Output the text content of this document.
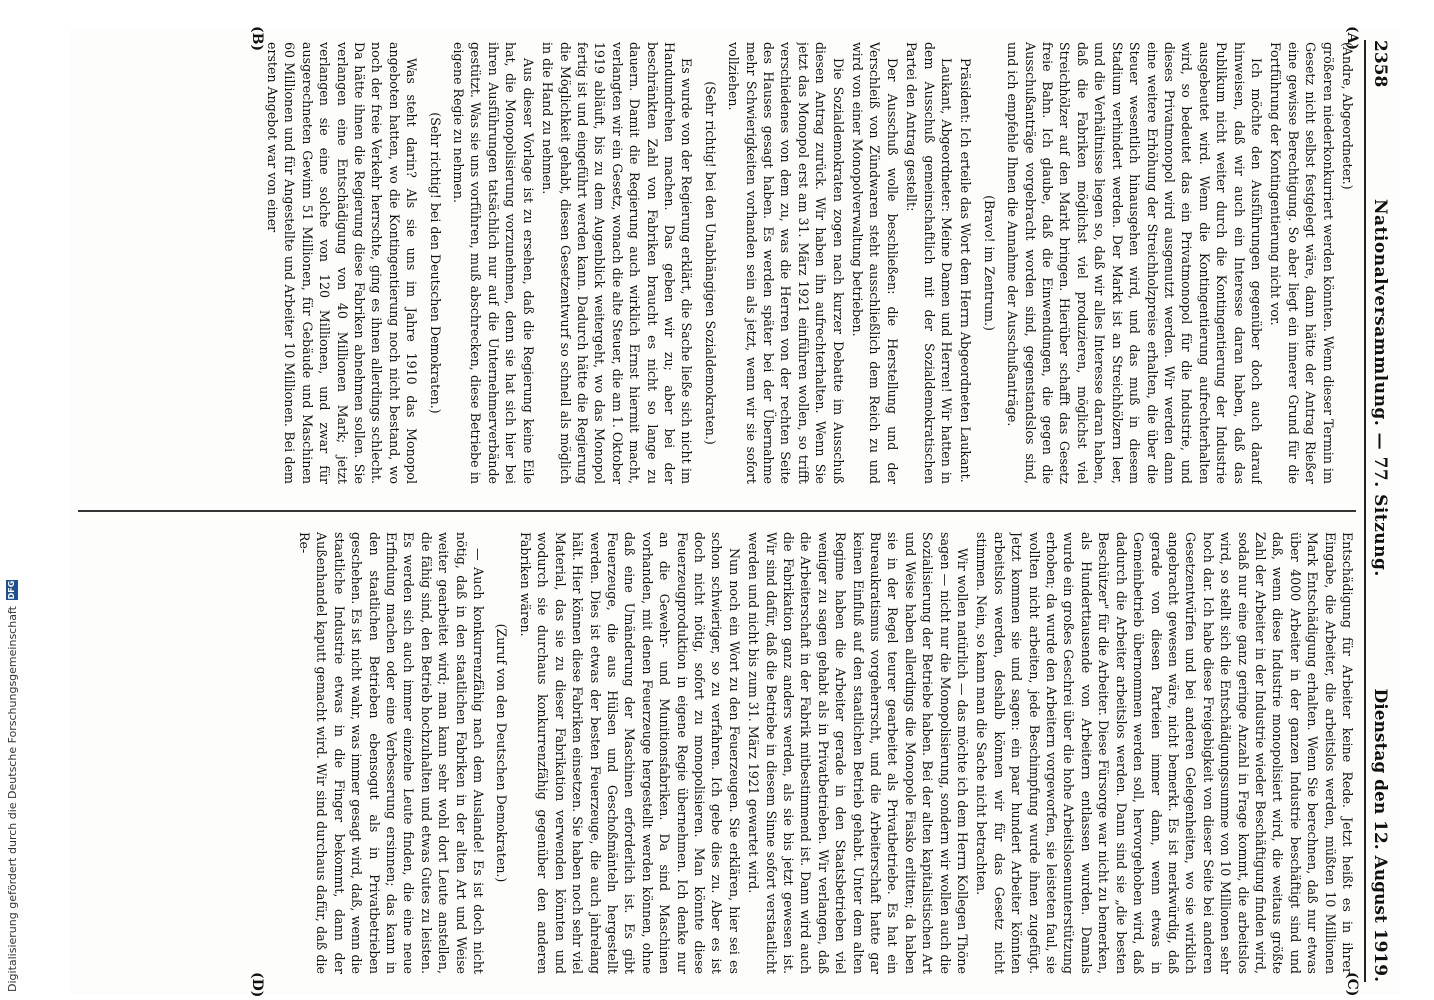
2358
Nationalversammlung. — 77. Sitzung.
Dienstag den 12. August 1919.
(A)
(B)
(C)
(D)

(Andre, Abgeordneter.)

größeren niederkonkurriert werden könnten. Wenn dieser Termin im Gesetz nicht selbst festgelegt wäre, dann hätte der Antrag Rießer eine gewisse Berechtigung. So aber liegt ein innerer Grund für die Fortführung der Kontingentierung nicht vor.

Ich möchte den Ausführungen gegenüber doch auch darauf hinweisen, daß wir auch ein Interesse daran haben, daß das Publikum nicht weiter durch die Kontingentierung der Industrie ausgebeutet wird. Wenn die Kontingentierung aufrechterhalten wird, so bedeutet das ein Privatmonopol für die Industrie, und dieses Privatmonopol wird ausgenutzt werden. Wir werden dann eine weitere Erhöhung der Streichholzpreise erhalten, die über die Steuer wesentlich hinausgehen wird, und das muß in diesem Stadium verhindert werden. Der Markt ist an Streichhölzern leer, und die Verhältnisse liegen so, daß wir alles Interesse daran haben, daß die Fabriken möglichst viel produzieren, möglichst viel Streichhölzer auf den Markt bringen. Hierüber schafft das Gesetz freie Bahn. Ich glaube, daß die Einwendungen, die gegen die Ausschußanträge vorgebracht worden sind, gegenstandslos sind, und ich empfehle Ihnen die Annahme der Ausschußanträge.

(Bravo! im Zentrum.)

Präsident: Ich erteile das Wort dem Herrn Abgeordneten Laukant.

Laukant, Abgeordneter: Meine Damen und Herren! Wir hatten in dem Ausschuß gemeinschaftlich mit der Sozialdemokratischen Partei den Antrag gestellt:

Der Ausschuß wolle beschließen: die Herstellung und der Verschleiß von Zündwaren steht ausschließlich dem Reich zu und wird von einer Monopolverwaltung betrieben.

Die Sozialdemokraten zogen nach kurzer Debatte im Ausschuß diesen Antrag zurück. Wir haben ihn aufrechterhalten. Wenn Sie jetzt das Monopol erst am 31. März 1921 einführen wollen, so trifft verschiedenes von dem zu, was die Herren von der rechten Seite des Hauses gesagt haben. Es werden später bei der Übernahme mehr Schwierigkeiten vorhanden sein als jetzt, wenn wir sie sofort vollziehen.

(Sehr richtig! bei den Unabhängigen Sozialdemokraten.)

Es wurde von der Regierung erklärt, die Sache ließe sich nicht im Handumdrehen machen. Das geben wir zu; aber bei der beschränkten Zahl von Fabriken braucht es nicht so lange zu dauern. Damit die Regierung auch wirklich Ernst hiermit macht, verlangten wir ein Gesetz, wonach die alte Steuer, die am 1. Oktober 1919 abläuft, bis zu dem Augenblick weitergeht, wo das Monopol fertig ist und eingeführt werden kann. Dadurch hätte die Regierung die Möglichkeit gehabt, diesen Gesetzentwurf so schnell als möglich in die Hand zu nehmen.

Aus dieser Vorlage ist zu ersehen, daß die Regierung keine Eile hat, die Monopolisierung vorzunehmen, denn sie hat sich hier bei ihren Ausführungen tatsächlich nur auf die Unternehmerverbände gestützt. Was sie uns vorführen, muß abschrecken, diese Betriebe in eigene Regie zu nehmen.

(Sehr richtig! bei den Deutschen Demokraten.)

Was steht darin? Als sie uns im Jahre 1910 das Monopol angeboten hatten, wo die Kontingentierung noch nicht bestand, wo noch der freie Verkehr herrschte, ging es ihnen allerdings schlecht. Da hätte ihnen die Regierung diese Fabriken abnehmen sollen. Sie verlangen eine Entschädigung von 40 Millionen Mark; jetzt verlangen sie eine solche von 120 Millionen, und zwar für ausgerechneten Gewinn 51 Millionen, für Gebäude und Maschinen 60 Millionen und für Angestellte und Arbeiter 10 Millionen. Bei dem ersten Angebot war von einer

Entschädigung für Arbeiter keine Rede. Jetzt heißt es in ihrer Eingabe, die Arbeiter, die arbeitslos werden, müßten 10 Millionen Mark Entschädigung erhalten. Wenn Sie berechnen, daß nur etwas über 4000 Arbeiter in der ganzen Industrie beschäftigt sind und daß, wenn diese Industrie monopolisiert wird, die weitaus größte Zahl der Arbeiter in der Industrie wieder Beschäftigung finden wird, sodaß nur eine ganz geringe Anzahl in Frage kommt, die arbeitslos wird, so stellt sich die Entschädigungssumme von 10 Millionen sehr hoch dar. Ich habe diese Freigebigkeit von dieser Seite bei anderen Gesetzentwürfen und bei anderen Gelegenheiten, wo sie wirklich angebracht gewesen wäre, nicht bemerkt. Es ist merkwürdig, daß gerade von diesen Parteien immer dann, wenn etwas in Gemeinbetrieb übernommen werden soll, hervorgehoben wird, daß dadurch die Arbeiter arbeitslos werden. Dann sind sie „die besten Beschützer" für die Arbeiter. Diese Fürsorge war nicht zu bemerken, als Hunderttausende von Arbeitern entlassen wurden. Damals wurde ein großes Geschrei über die hohe Arbeitslosenunterstützung erhoben; da wurde den Arbeitern vorgeworfen, sie leisteten faul, sie wollten nicht arbeiten, jede Beschimpfung wurde ihnen zugefügt. Jetzt kommen sie und sagen: ein paar hundert Arbeiter könnten arbeitslos werden, deshalb können wir für das Gesetz nicht stimmen. Nein, so kann man die Sache nicht betrachten.

Wir wollen natürlich — das möchte ich dem Herrn Kollegen Thöne sagen — nicht nur die Monopolisierung, sondern wir wollen auch die Sozialisierung der Betriebe haben. Bei der alten kapitalistischen Art und Weise haben allerdings die Monopole Fiasko erlitten; da haben sie in der Regel teurer gearbeitet als Privatbetriebe. Es hat ein Bureaukratismus vorgeherrscht, und die Arbeiterschaft hatte gar keinen Einfluß auf den staatlichen Betrieb gehabt. Unter dem alten Regime haben die Arbeiter gerade in den Staatsbetrieben viel weniger zu sagen gehabt als in Privatbetrieben. Wir verlangen, daß die Arbeiterschaft in der Fabrik mitbestimmend ist. Dann wird auch die Fabrikation ganz anders werden, als sie bis jetzt gewesen ist. Wir sind dafür, daß die Betriebe in diesem Sinne sofort verstaatlicht werden und nicht bis zum 31. März 1921 gewartet wird.

Nun noch ein Wort zu den Feuerzeugen. Sie erklären, hier sei es schon schwieriger, so zu verfahren. Ich gebe dies zu. Aber es ist doch nicht nötig, sofort zu monopolisieren. Man könnte diese Feuerzeugproduktion in eigene Regie übernehmen. Ich denke nur an die Gewehr- und Munitionsfabriken. Da sind Maschinen vorhanden, mit denen Feuerzeuge hergestellt werden können, ohne daß eine Umänderung der Maschinen erforderlich ist. Es gibt Feuerzeuge, die aus Hülsen und Geschoßmänteln hergestellt werden. Dies ist etwas der besten Feuerzeuge, die auch jahrelang hält. Hier können diese Fabriken einsetzen. Sie haben noch sehr viel Material, das sie zu dieser Fabrikation verwenden könnten und wodurch sie durchaus konkurrenzfähig gegenüber den anderen Fabriken wären.

(Zuruf von den Deutschen Demokraten.)

— Auch konkurrenzfähig nach dem Auslande! Es ist doch nicht nötig, daß in den staatlichen Fabriken in der alten Art und Weise weiter gearbeitet wird; man kann sehr wohl dort Leute anstellen, die fähig sind, den Betrieb hochzuhalten und etwas Gutes zu leisten. Es werden sich auch immer einzelne Leute finden, die eine neue Erfindung machen oder eine Verbesserung ersinnen; das kann in den staatlichen Betrieben ebensogut als in Privatbetrieben geschehen. Es ist nicht wahr, was immer gesagt wird, daß, wenn die staatliche Industrie etwas in die Finger bekommt, dann der Außenhandel kaputt gemacht wird. Wir sind durchaus dafür, daß die Re-

Digitalisierung gefördert durch die Deutsche Forschungsgemeinschaft
DFG
